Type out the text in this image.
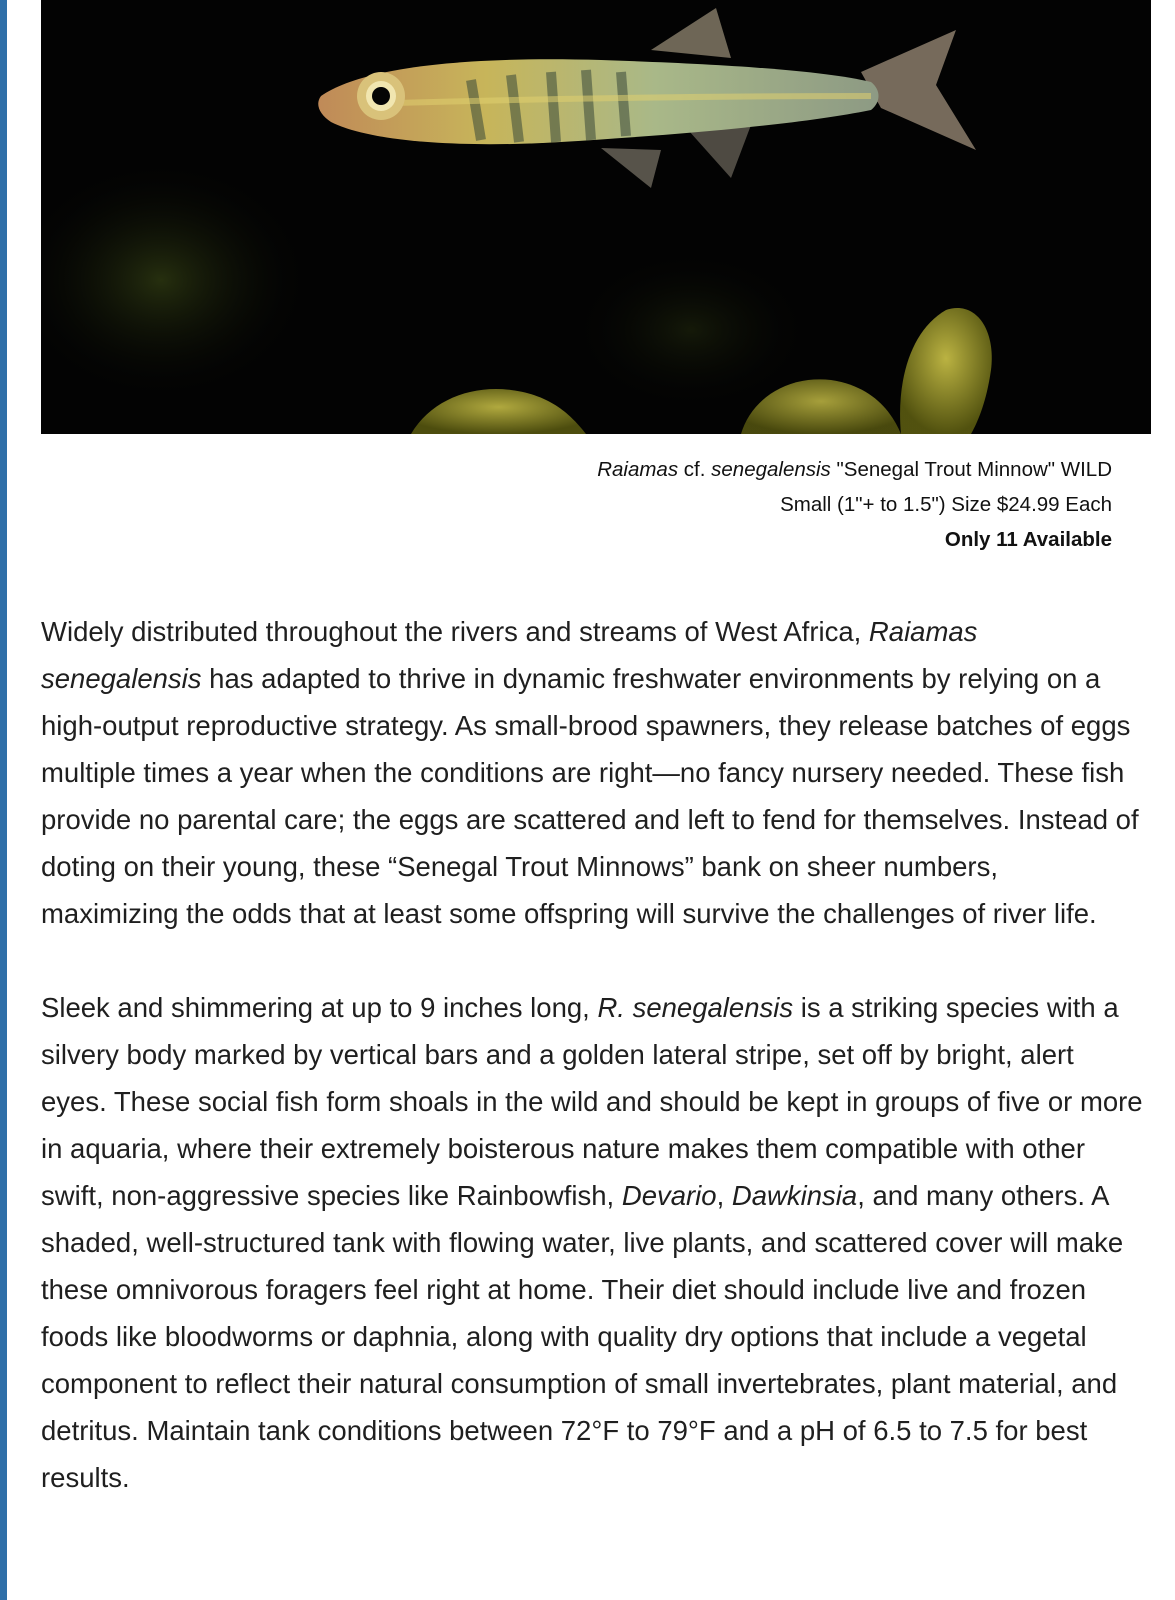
Raiamas cf. senegalensis "Senegal Trout Minnow" WILD
Small (1"+ to 1.5") Size $24.99 Each
Only 11 Available

Widely distributed throughout the rivers and streams of West Africa, Raiamas senegalensis has adapted to thrive in dynamic freshwater environments by relying on a high-output reproductive strategy. As small-brood spawners, they release batches of eggs multiple times a year when the conditions are right—no fancy nursery needed. These fish provide no parental care; the eggs are scattered and left to fend for themselves. Instead of doting on their young, these “Senegal Trout Minnows” bank on sheer numbers, maximizing the odds that at least some offspring will survive the challenges of river life.

Sleek and shimmering at up to 9 inches long, R. senegalensis is a striking species with a silvery body marked by vertical bars and a golden lateral stripe, set off by bright, alert eyes. These social fish form shoals in the wild and should be kept in groups of five or more in aquaria, where their extremely boisterous nature makes them compatible with other swift, non-aggressive species like Rainbowfish, Devario, Dawkinsia, and many others. A shaded, well-structured tank with flowing water, live plants, and scattered cover will make these omnivorous foragers feel right at home. Their diet should include live and frozen foods like bloodworms or daphnia, along with quality dry options that include a vegetal component to reflect their natural consumption of small invertebrates, plant material, and detritus. Maintain tank conditions between 72°F to 79°F and a pH of 6.5 to 7.5 for best results.
